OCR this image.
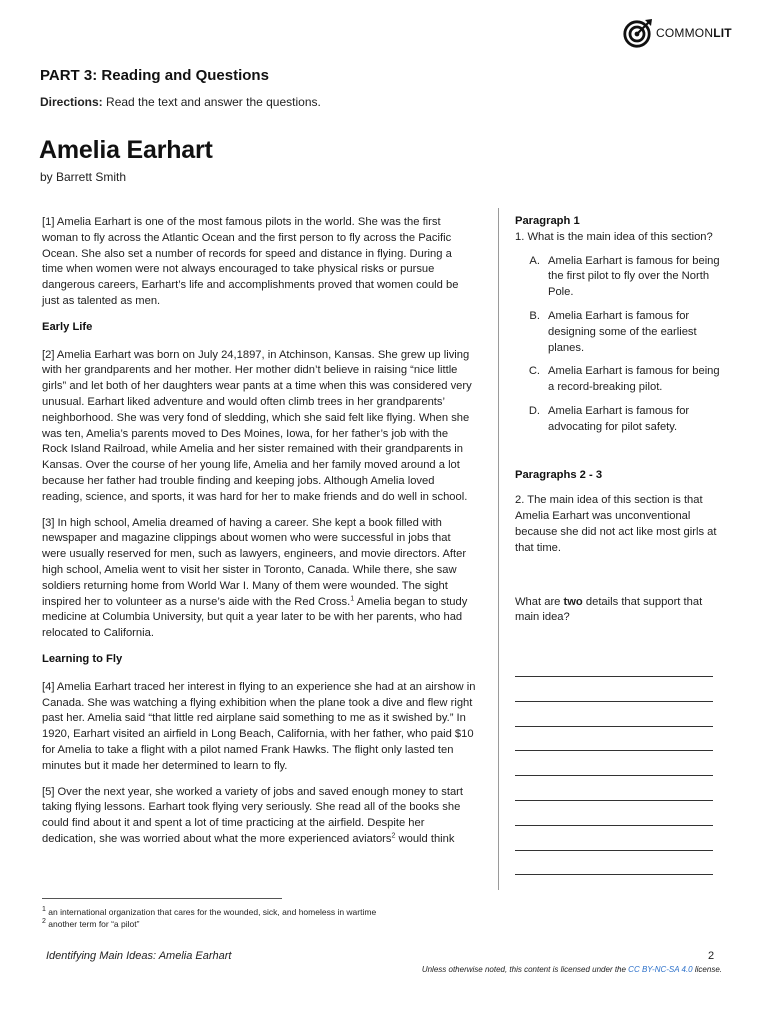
COMMONLIT
PART 3: Reading and Questions
Directions: Read the text and answer the questions.
Amelia Earhart
by Barrett Smith

[1] Amelia Earhart is one of the most famous pilots in the world. She was the first woman to fly across the Atlantic Ocean and the first person to fly across the Pacific Ocean. She also set a number of records for speed and distance in flying. During a time when women were not always encouraged to take physical risks or pursue dangerous careers, Earhart’s life and accomplishments proved that women could be just as talented as men.

Early Life

[2] Amelia Earhart was born on July 24,1897, in Atchinson, Kansas. She grew up living with her grandparents and her mother. Her mother didn’t believe in raising “nice little girls” and let both of her daughters wear pants at a time when this was considered very unusual. Earhart liked adventure and would often climb trees in her grandparents’ neighborhood. She was very fond of sledding, which she said felt like flying. When she was ten, Amelia’s parents moved to Des Moines, Iowa, for her father’s job with the Rock Island Railroad, while Amelia and her sister remained with their grandparents in Kansas. Over the course of her young life, Amelia and her family moved around a lot because her father had trouble finding and keeping jobs. Although Amelia loved reading, science, and sports, it was hard for her to make friends and do well in school.

[3] In high school, Amelia dreamed of having a career. She kept a book filled with newspaper and magazine clippings about women who were successful in jobs that were usually reserved for men, such as lawyers, engineers, and movie directors. After high school, Amelia went to visit her sister in Toronto, Canada. While there, she saw soldiers returning home from World War I. Many of them were wounded. The sight inspired her to volunteer as a nurse’s aide with the Red Cross.$^1$ Amelia began to study medicine at Columbia University, but quit a year later to be with her parents, who had relocated to California.

Learning to Fly

[4] Amelia Earhart traced her interest in flying to an experience she had at an airshow in Canada. She was watching a flying exhibition when the plane took a dive and flew right past her. Amelia said “that little red airplane said something to me as it swished by.” In 1920, Earhart visited an airfield in Long Beach, California, with her father, who paid $10 for Amelia to take a flight with a pilot named Frank Hawks. The flight only lasted ten minutes but it made her determined to learn to fly.

[5] Over the next year, she worked a variety of jobs and saved enough money to start taking flying lessons. Earhart took flying very seriously. She read all of the books she could find about it and spent a lot of time practicing at the airfield. Despite her dedication, she was worried about what the more experienced aviators$^2$ would think

Paragraph 1

1. What is the main idea of this section?

A. Amelia Earhart is famous for being the first pilot to fly over the North Pole.
B. Amelia Earhart is famous for designing some of the earliest planes.
C. Amelia Earhart is famous for being a record-breaking pilot.
D. Amelia Earhart is famous for advocating for pilot safety.
Paragraphs 2 - 3

2. The main idea of this section is that Amelia Earhart was unconventional because she did not act like most girls at that time.

What are two details that support that main idea?

$^1$ an international organization that cares for the wounded, sick, and homeless in wartime
$^2$ another term for “a pilot”
Identifying Main Ideas: Amelia Earhart	2
Unless otherwise noted, this content is licensed under the CC BY-NC-SA 4.0 license.
